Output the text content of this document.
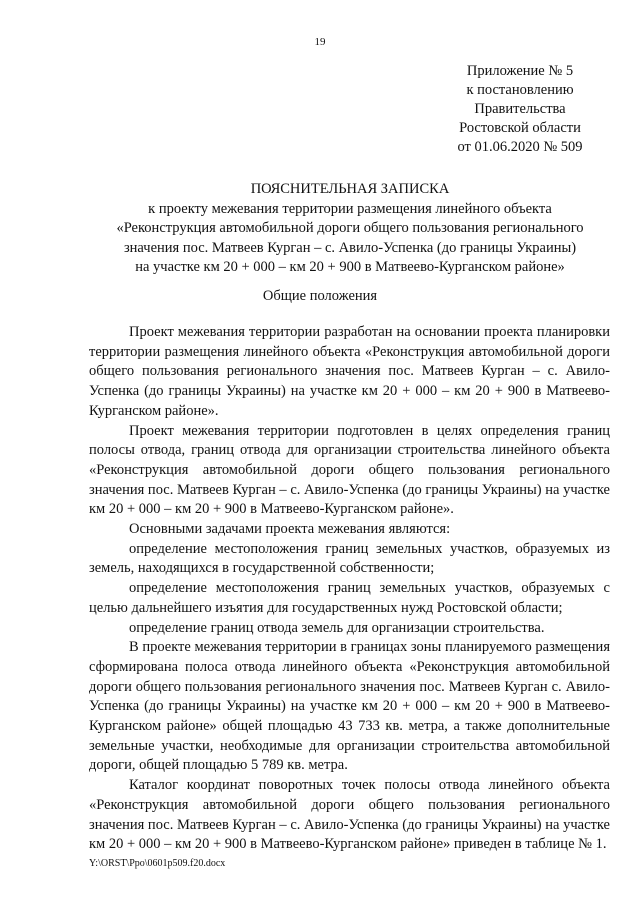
19
Приложение № 5
к постановлению
Правительства
Ростовской области
от 01.06.2020 № 509
ПОЯСНИТЕЛЬНАЯ ЗАПИСКА
к проекту межевания территории размещения линейного объекта
«Реконструкция автомобильной дороги общего пользования регионального
значения пос. Матвеев Курган – с. Авило-Успенка (до границы Украины)
на участке км 20 + 000 – км 20 + 900 в Матвеево-Курганском районе»
Общие положения

Проект межевания территории разработан на основании проекта планировки территории размещения линейного объекта «Реконструкция автомобильной дороги общего пользования регионального значения пос. Матвеев Курган – с. Авило-Успенка (до границы Украины) на участке км 20 + 000 – км 20 + 900 в Матвеево-Курганском районе».

Проект межевания территории подготовлен в целях определения границ полосы отвода, границ отвода для организации строительства линейного объекта «Реконструкция автомобильной дороги общего пользования регионального значения пос. Матвеев Курган – с. Авило-Успенка (до границы Украины) на участке км 20 + 000 – км 20 + 900 в Матвеево-Курганском районе».

Основными задачами проекта межевания являются:

определение местоположения границ земельных участков, образуемых из земель, находящихся в государственной собственности;

определение местоположения границ земельных участков, образуемых с целью дальнейшего изъятия для государственных нужд Ростовской области;

определение границ отвода земель для организации строительства.

В проекте межевания территории в границах зоны планируемого размещения сформирована полоса отвода линейного объекта «Реконструкция автомобильной дороги общего пользования регионального значения пос. Матвеев Курган с. Авило-Успенка (до границы Украины) на участке км 20 + 000 – км 20 + 900 в Матвеево-Курганском районе» общей площадью 43 733 кв. метра, а также дополнительные земельные участки, необходимые для организации строительства автомобильной дороги, общей площадью 5 789 кв. метра.

Каталог координат поворотных точек полосы отвода линейного объекта «Реконструкция автомобильной дороги общего пользования регионального значения пос. Матвеев Курган – с. Авило-Успенка (до границы Украины) на участке км 20 + 000 – км 20 + 900 в Матвеево-Курганском районе» приведен в таблице № 1.

Y:\ORST\Ppo\0601p509.f20.docx
